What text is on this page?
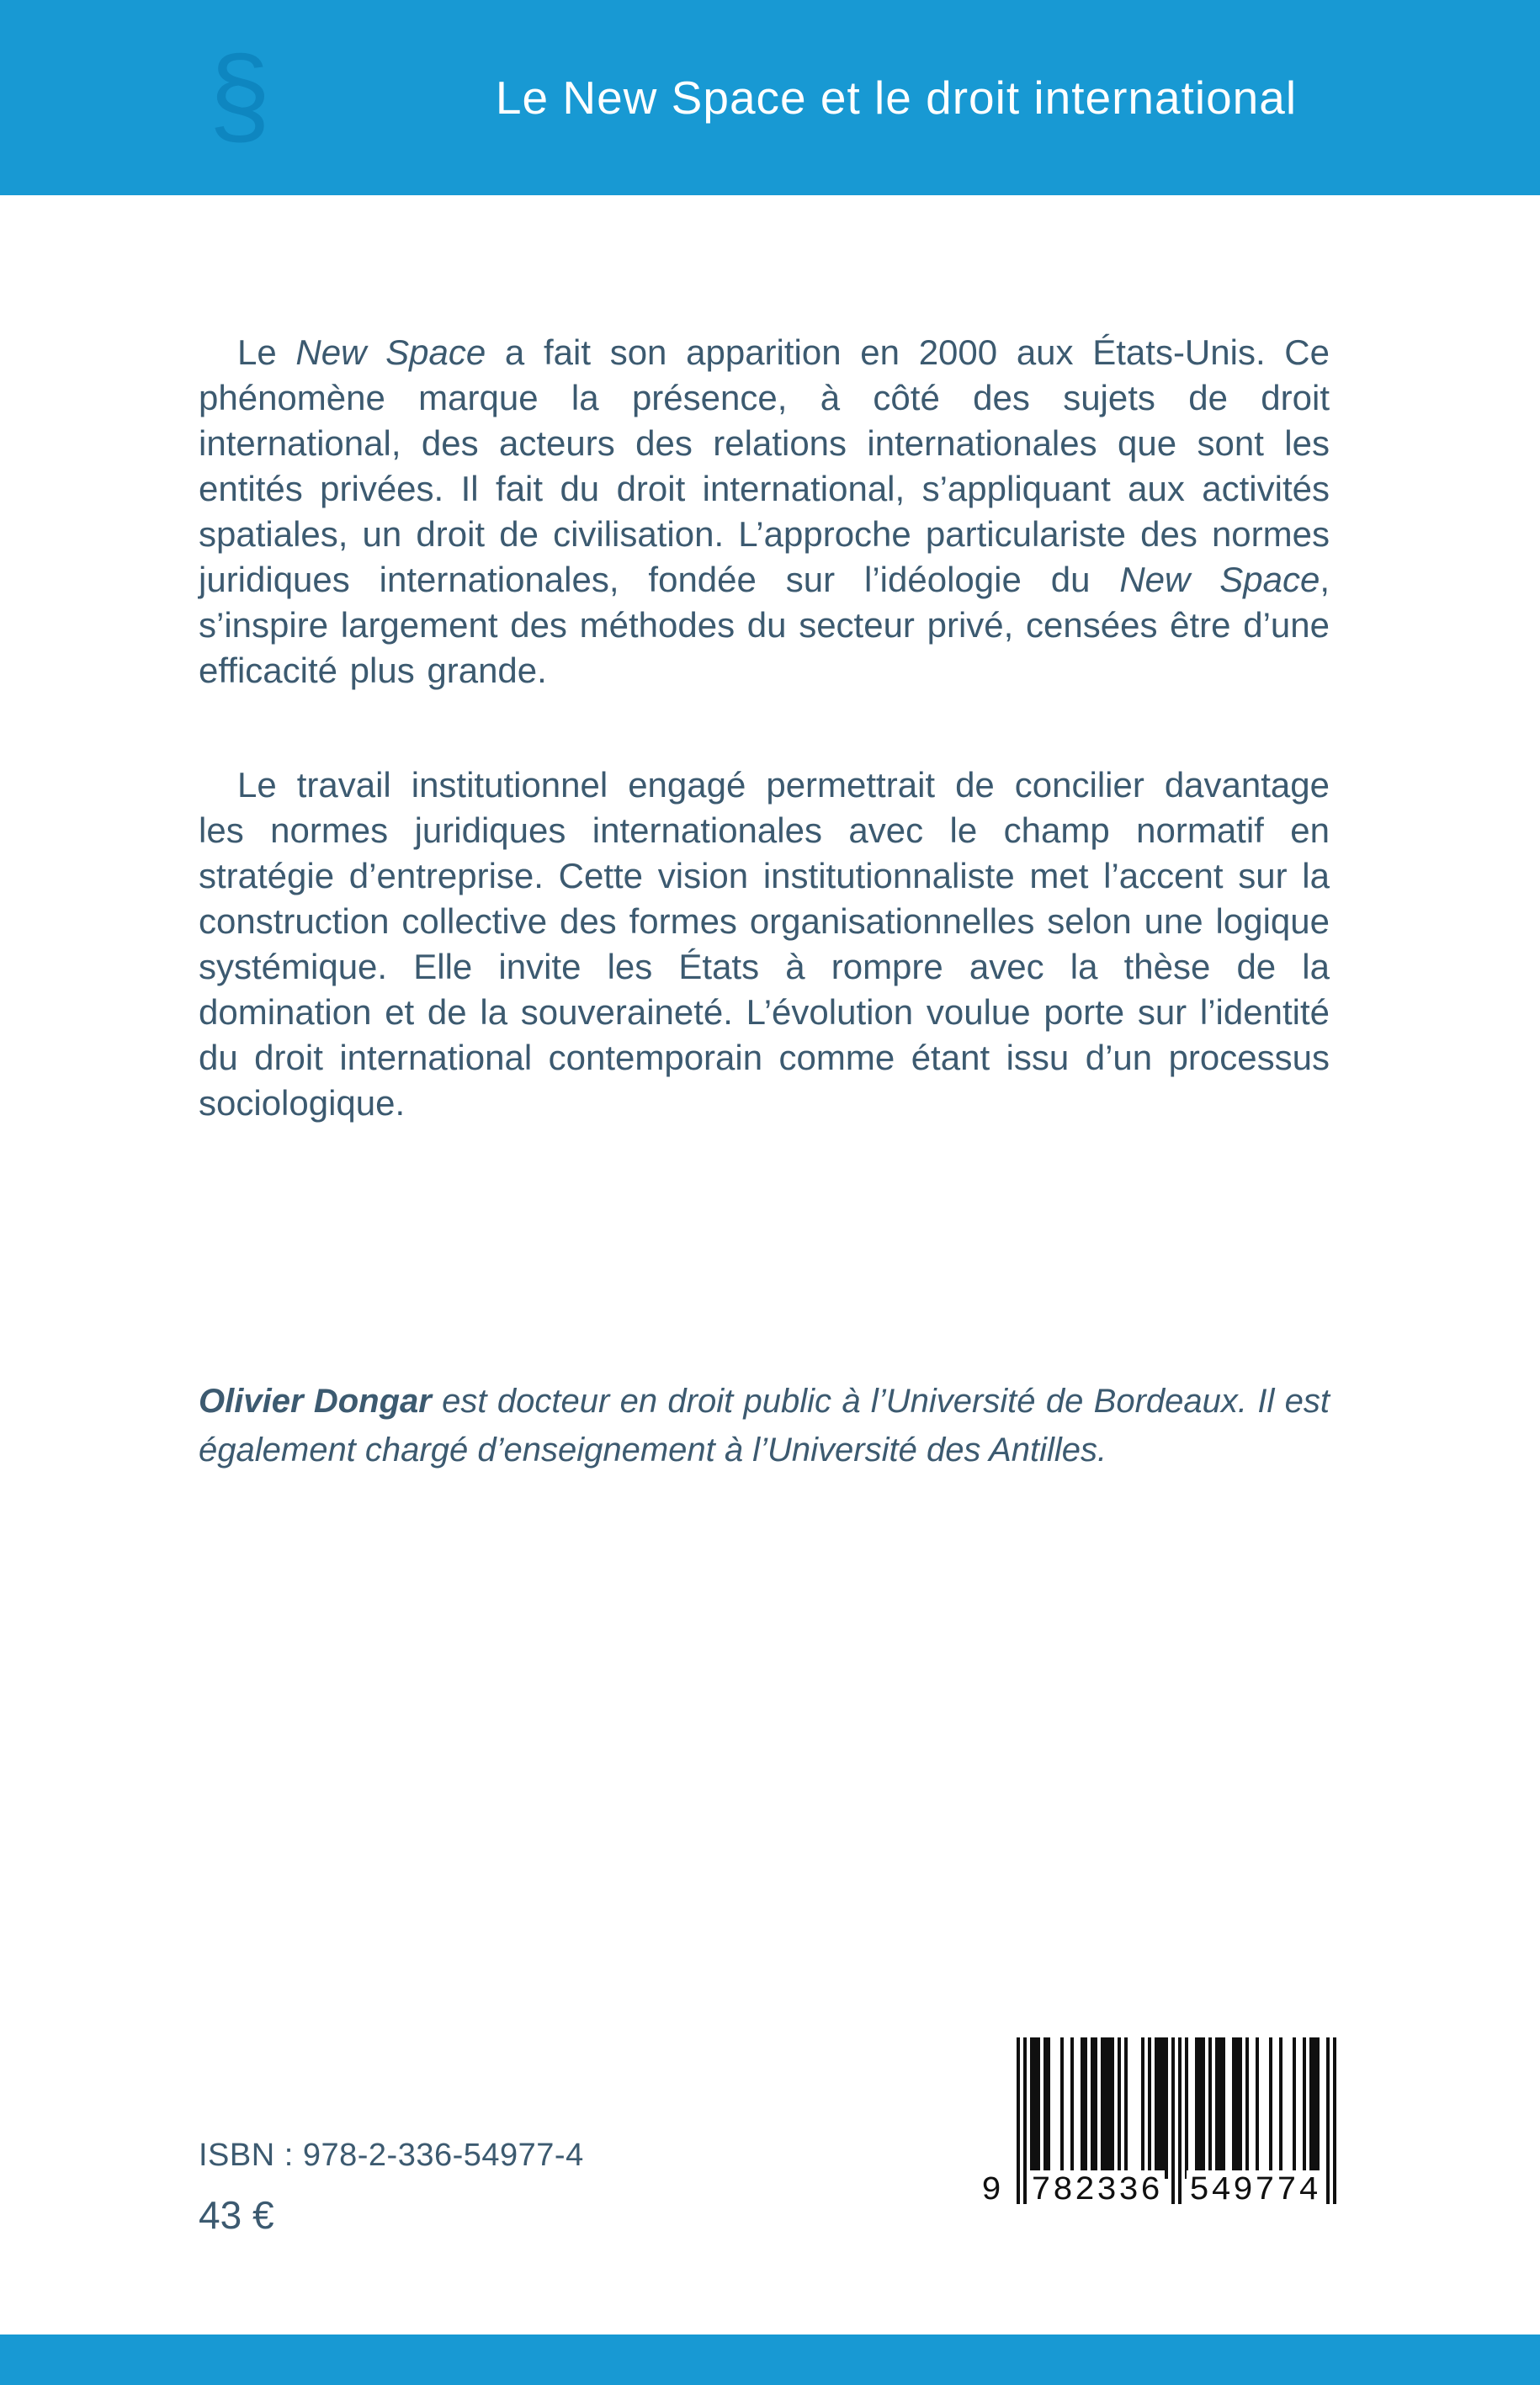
§	Le New Space et le droit international

Le New Space a fait son apparition en 2000 aux États-Unis. Ce phénomène marque la présence, à côté des sujets de droit international, des acteurs des relations internationales que sont les entités privées. Il fait du droit international, s’appliquant aux activités spatiales, un droit de civilisation. L’approche particulariste des normes juridiques internationales, fondée sur l’idéologie du New Space, s’inspire largement des méthodes du secteur privé, censées être d’une efficacité plus grande.

Le travail institutionnel engagé permettrait de concilier davantage les normes juridiques internationales avec le champ normatif en stratégie d’entreprise. Cette vision institutionnaliste met l’accent sur la construction collective des formes organisationnelles selon une logique systémique. Elle invite les États à rompre avec la thèse de la domination et de la souveraineté. L’évolution voulue porte sur l’identité du droit international contemporain comme étant issu d’un processus sociologique.

Olivier Dongar est docteur en droit public à l’Université de Bordeaux. Il est également chargé d’enseignement à l’Université des Antilles.

ISBN : 978-2-336-54977-4
43 €
9 782336 549774
